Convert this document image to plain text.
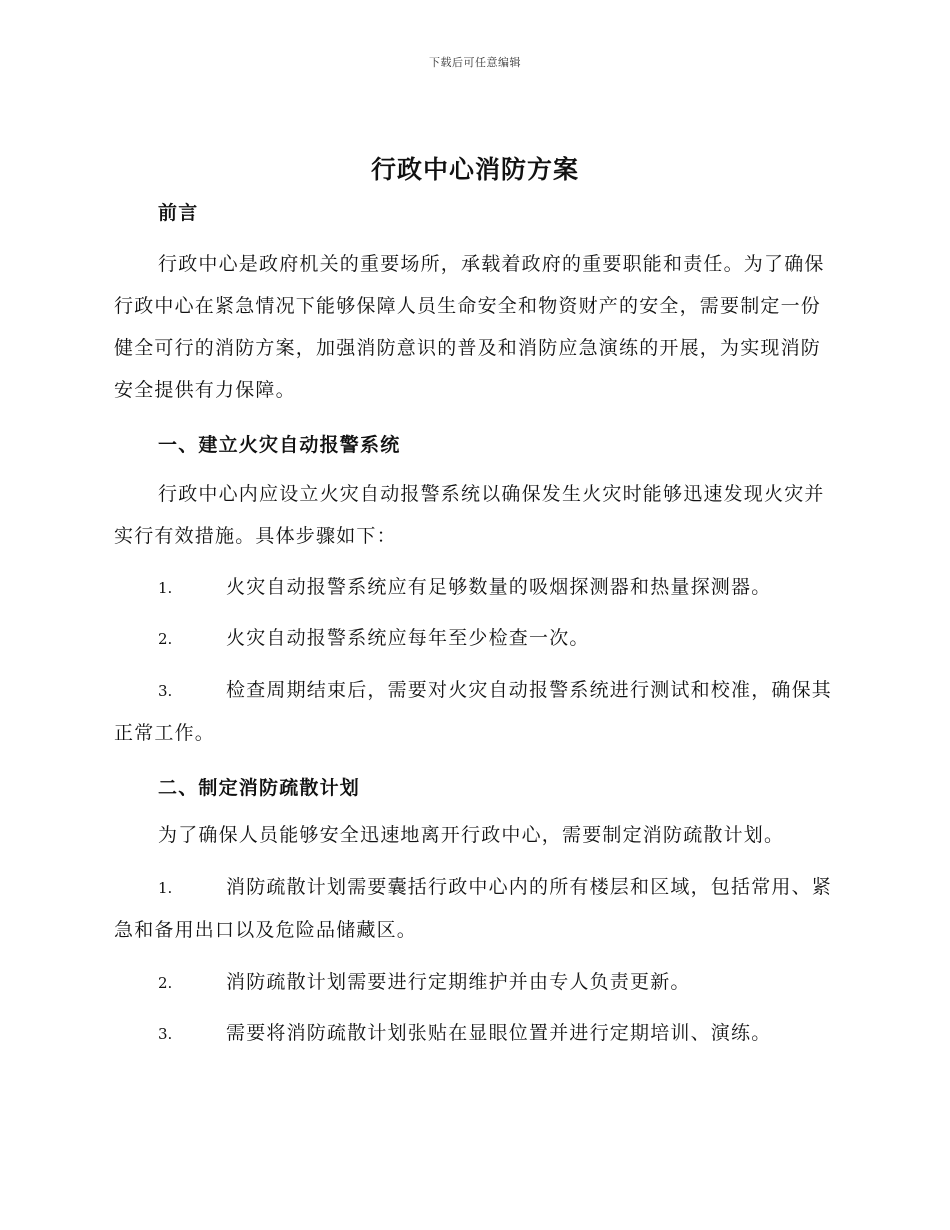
下载后可任意编辑
行政中心消防方案
前言

行政中心是政府机关的重要场所，承载着政府的重要职能和责任。为了确保行政中心在紧急情况下能够保障人员生命安全和物资财产的安全，需要制定一份健全可行的消防方案，加强消防意识的普及和消防应急演练的开展，为实现消防安全提供有力保障。

一、建立火灾自动报警系统

行政中心内应设立火灾自动报警系统以确保发生火灾时能够迅速发现火灾并实行有效措施。具体步骤如下：

1.	火灾自动报警系统应有足够数量的吸烟探测器和热量探测器。

2.	火灾自动报警系统应每年至少检查一次。

3.	检查周期结束后，需要对火灾自动报警系统进行测试和校准，确保其正常工作。

二、制定消防疏散计划

为了确保人员能够安全迅速地离开行政中心，需要制定消防疏散计划。

1.	消防疏散计划需要囊括行政中心内的所有楼层和区域，包括常用、紧急和备用出口以及危险品储藏区。

2.	消防疏散计划需要进行定期维护并由专人负责更新。

3.	需要将消防疏散计划张贴在显眼位置并进行定期培训、演练。
